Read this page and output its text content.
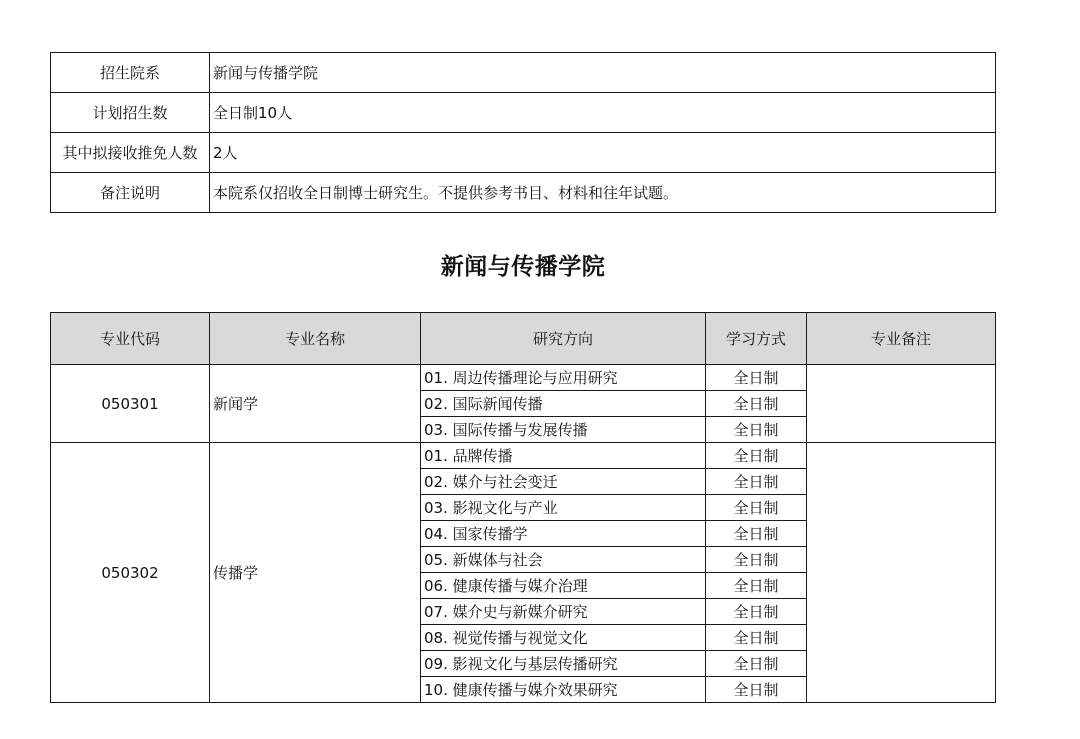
招生院系	新闻与传播学院
计划招生数	全日制10人
其中拟接收推免人数	2人
备注说明	本院系仅招收全日制博士研究生。不提供参考书目、材料和往年试题。
新闻与传播学院
专业代码	专业名称	研究方向	学习方式	专业备注
050301	新闻学	01. 周边传播理论与应用研究	全日制	
		02. 国际新闻传播	全日制	
		03. 国际传播与发展传播	全日制	
050302	传播学	01. 品牌传播	全日制	
		02. 媒介与社会变迁	全日制	
		03. 影视文化与产业	全日制	
		04. 国家传播学	全日制	
		05. 新媒体与社会	全日制	
		06. 健康传播与媒介治理	全日制	
		07. 媒介史与新媒介研究	全日制	
		08. 视觉传播与视觉文化	全日制	
		09. 影视文化与基层传播研究	全日制	
		10. 健康传播与媒介效果研究	全日制	
